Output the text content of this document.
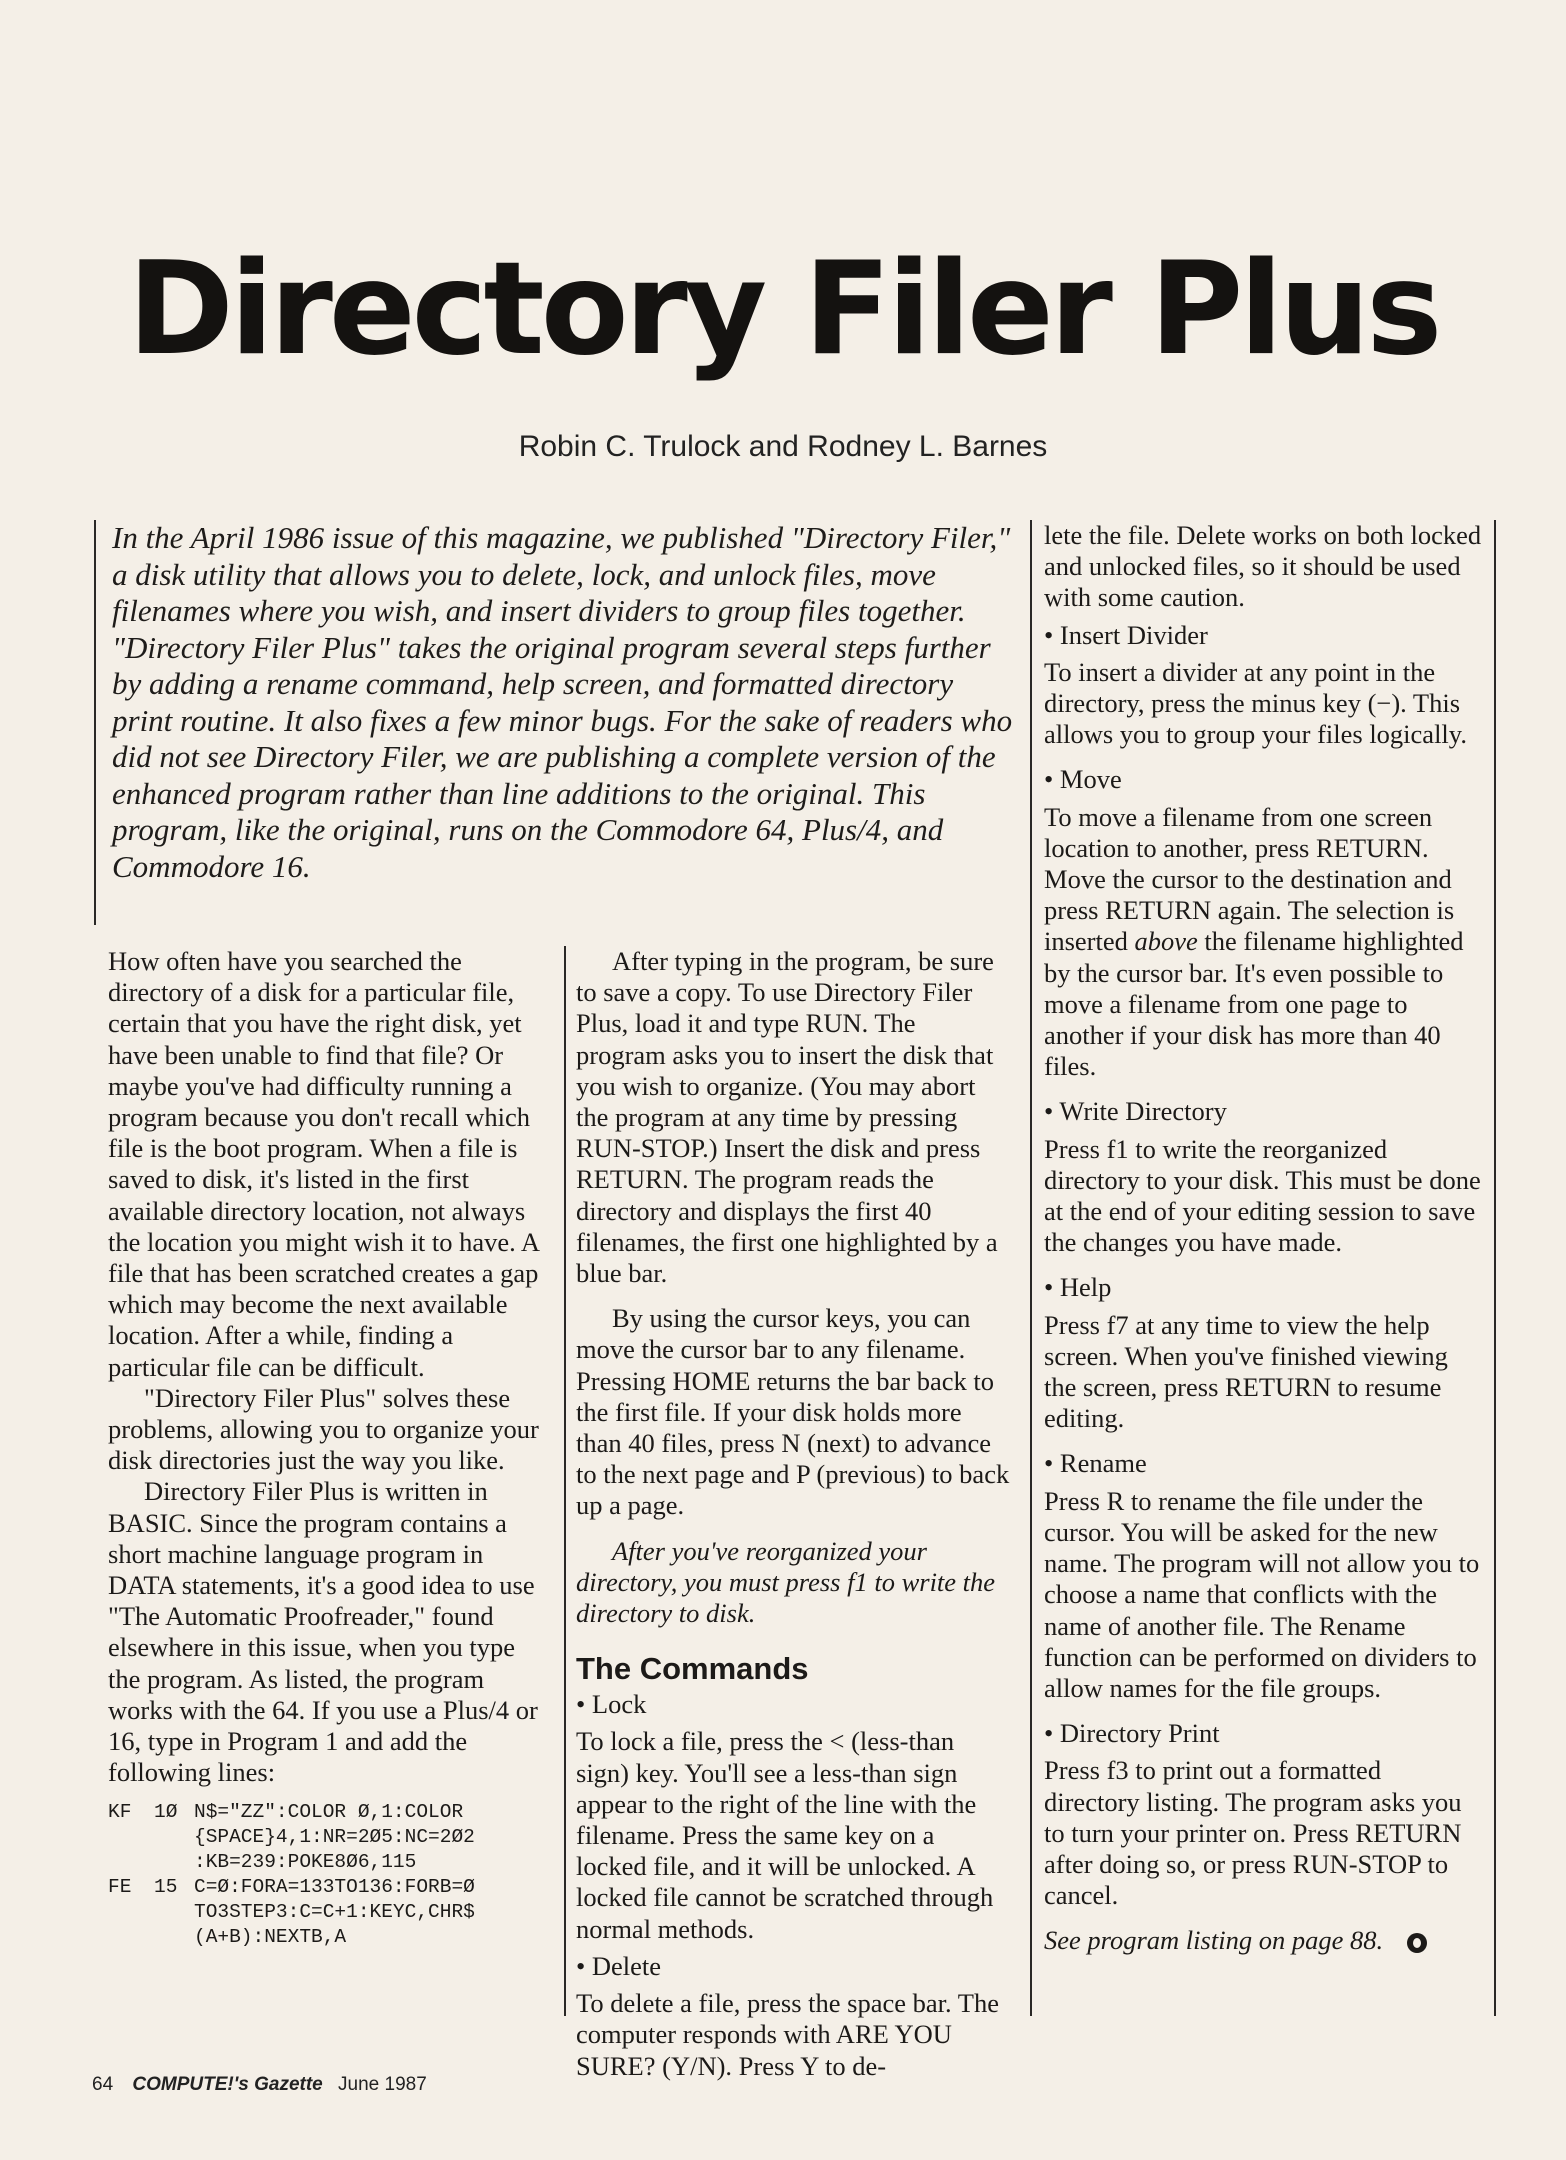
Directory Filer Plus
Robin C. Trulock and Rodney L. Barnes
In the April 1986 issue of this magazine, we published "Directory Filer," a disk utility that allows you to delete, lock, and unlock files, move filenames where you wish, and insert dividers to group files together. "Directory Filer Plus" takes the original program several steps further by adding a rename command, help screen, and formatted directory print routine. It also fixes a few minor bugs. For the sake of readers who did not see Directory Filer, we are publishing a complete version of the enhanced program rather than line additions to the original. This program, like the original, runs on the Commodore 64, Plus/4, and Commodore 16.

How often have you searched the directory of a disk for a particular file, certain that you have the right disk, yet have been unable to find that file? Or maybe you've had difficulty running a program because you don't recall which file is the boot program. When a file is saved to disk, it's listed in the first available directory location, not always the location you might wish it to have. A file that has been scratched creates a gap which may become the next available location. After a while, finding a particular file can be difficult.

"Directory Filer Plus" solves these problems, allowing you to organize your disk directories just the way you like.

Directory Filer Plus is written in BASIC. Since the program contains a short machine language program in DATA statements, it's a good idea to use "The Automatic Proofreader," found elsewhere in this issue, when you type the program. As listed, the program works with the 64. If you use a Plus/4 or 16, type in Program 1 and add the following lines:

KF	1Ø N$="ZZ":COLOR Ø,1:COLOR {SPACE}4,1:NR=2Ø5:NC=2Ø2 :KB=239:POKE8Ø6,115
FE	15 C=Ø:FORA=133TO136:FORB=Ø TO3STEP3:C=C+1:KEYC,CHR$ (A+B):NEXTB,A

After typing in the program, be sure to save a copy. To use Directory Filer Plus, load it and type RUN. The program asks you to insert the disk that you wish to organize. (You may abort the program at any time by pressing RUN-STOP.) Insert the disk and press RETURN. The program reads the directory and displays the first 40 filenames, the first one highlighted by a blue bar.

By using the cursor keys, you can move the cursor bar to any filename. Pressing HOME returns the bar back to the first file. If your disk holds more than 40 files, press N (next) to advance to the next page and P (previous) to back up a page.

After you've reorganized your directory, you must press f1 to write the directory to disk.

The Commands

• Lock

To lock a file, press the < (less-than sign) key. You'll see a less-than sign appear to the right of the line with the filename. Press the same key on a locked file, and it will be unlocked. A locked file cannot be scratched through normal methods.

• Delete

To delete a file, press the space bar. The computer responds with ARE YOU SURE? (Y/N). Press Y to de-

lete the file. Delete works on both locked and unlocked files, so it should be used with some caution.

• Insert Divider

To insert a divider at any point in the directory, press the minus key (−). This allows you to group your files logically.

• Move

To move a filename from one screen location to another, press RETURN. Move the cursor to the destination and press RETURN again. The selection is inserted above the filename highlighted by the cursor bar. It's even possible to move a filename from one page to another if your disk has more than 40 files.

• Write Directory

Press f1 to write the reorganized directory to your disk. This must be done at the end of your editing session to save the changes you have made.

• Help

Press f7 at any time to view the help screen. When you've finished viewing the screen, press RETURN to resume editing.

• Rename

Press R to rename the file under the cursor. You will be asked for the new name. The program will not allow you to choose a name that conflicts with the name of another file. The Rename function can be performed on dividers to allow names for the file groups.

• Directory Print

Press f3 to print out a formatted directory listing. The program asks you to turn your printer on. Press RETURN after doing so, or press RUN-STOP to cancel.

See program listing on page 88.

64 COMPUTE!'s Gazette June 1987
